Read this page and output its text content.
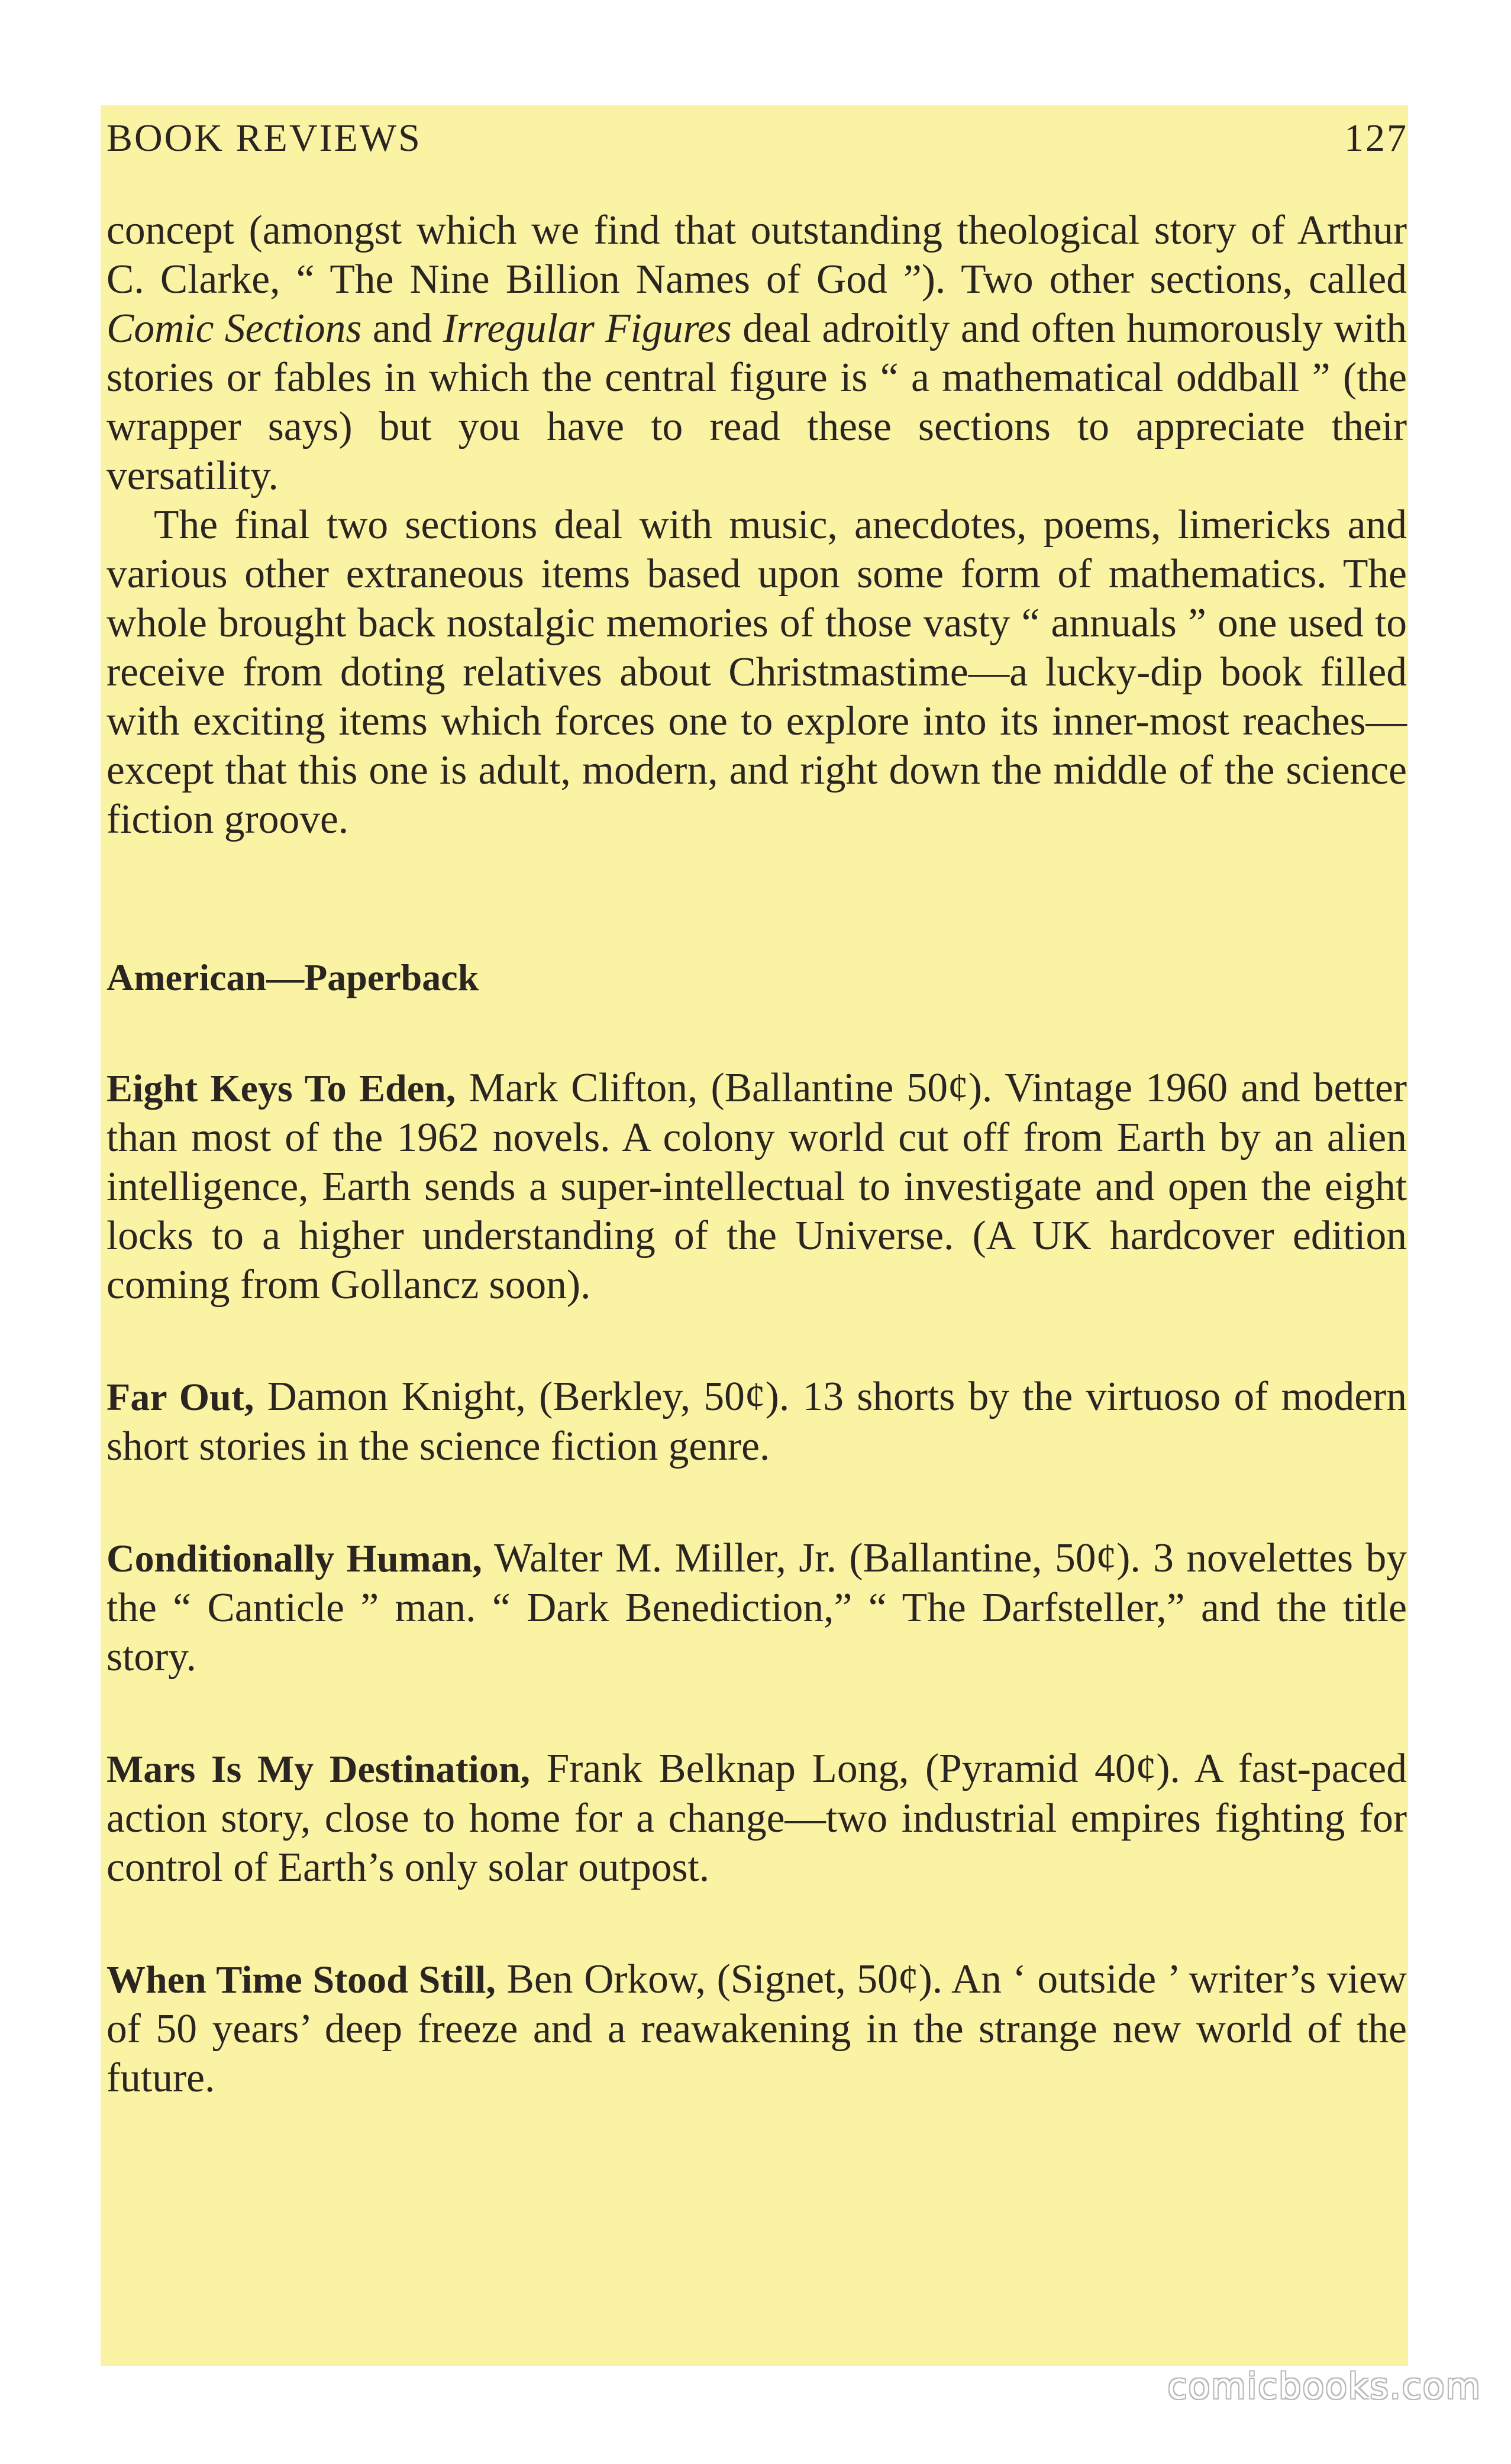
BOOK REVIEWS	127

concept (amongst which we find that outstanding theological story of Arthur C. Clarke, “ The Nine Billion Names of God ”). Two other sections, called Comic Sections and Irregular Figures deal adroitly and often humorously with stories or fables in which the central figure is “ a mathematical oddball ” (the wrapper says) but you have to read these sections to appreciate their versatility.

The final two sections deal with music, anecdotes, poems, limericks and various other extraneous items based upon some form of mathematics. The whole brought back nostalgic memories of those vasty “ annuals ” one used to receive from doting relatives about Christmastime—a lucky-dip book filled with exciting items which forces one to explore into its inner-most reaches—except that this one is adult, modern, and right down the middle of the science fiction groove.

American—Paperback

Eight Keys To Eden, Mark Clifton, (Ballantine 50¢). Vintage 1960 and better than most of the 1962 novels. A colony world cut off from Earth by an alien intelligence, Earth sends a super-intellectual to investigate and open the eight locks to a higher understanding of the Universe. (A UK hardcover edition coming from Gollancz soon).

Far Out, Damon Knight, (Berkley, 50¢). 13 shorts by the virtuoso of modern short stories in the science fiction genre.

Conditionally Human, Walter M. Miller, Jr. (Ballantine, 50¢). 3 novelettes by the “ Canticle ” man. “ Dark Benediction,” “ The Darfsteller,” and the title story.

Mars Is My Destination, Frank Belknap Long, (Pyramid 40¢). A fast-paced action story, close to home for a change—two industrial empires fighting for control of Earth’s only solar outpost.

When Time Stood Still, Ben Orkow, (Signet, 50¢). An ‘ outside ’ writer’s view of 50 years’ deep freeze and a reawakening in the strange new world of the future.

comicbooks.com
